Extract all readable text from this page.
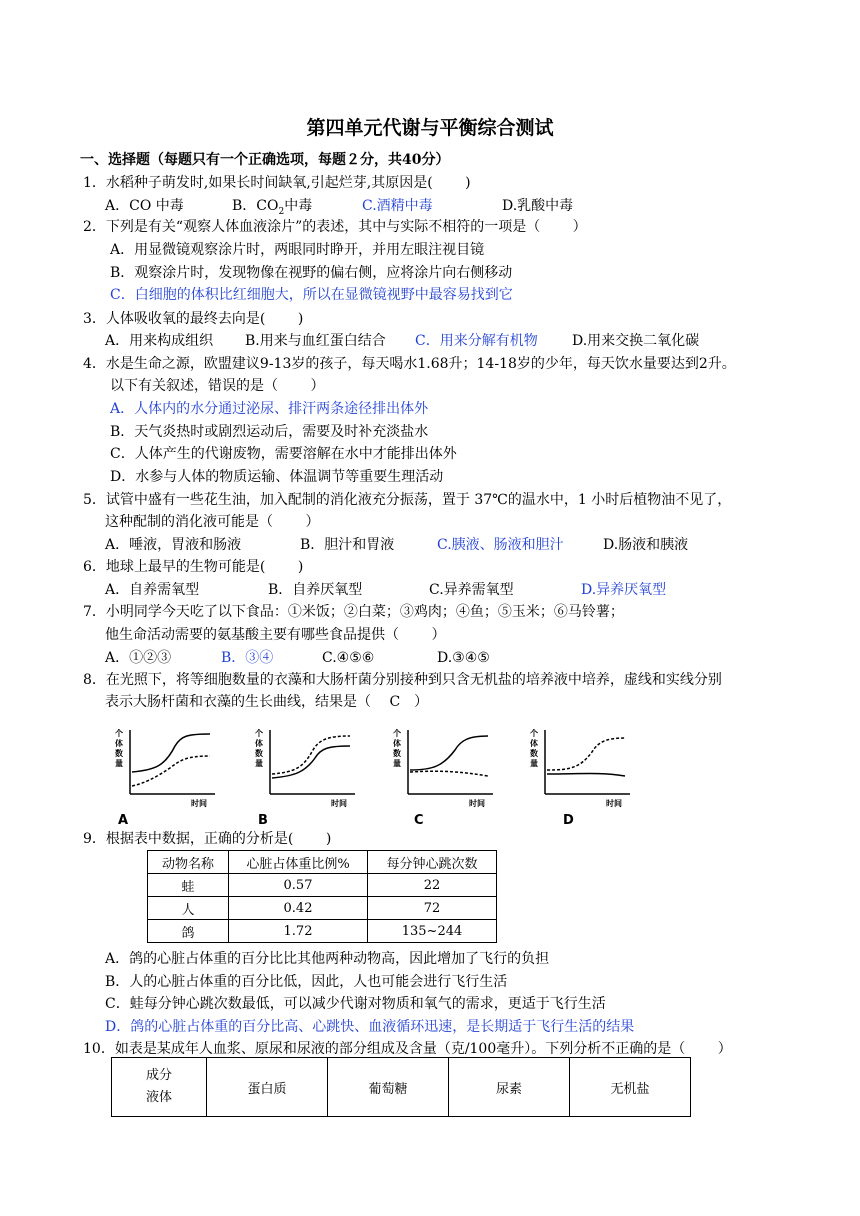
第四单元代谢与平衡综合测试
一、选择题（每题只有一个正确选项，每题２分，共40分）
1．水稻种子萌发时,如果长时间缺氧,引起烂芽,其原因是(　　 )
A．CO 中毒	B．$CO_2$中毒	C.酒精中毒	D.乳酸中毒
2．下列是有关“观察人体血液涂片”的表述，其中与实际不相符的一项是（　　 ）
A．用显微镜观察涂片时，两眼同时睁开，并用左眼注视目镜
B．观察涂片时，发现物像在视野的偏右侧，应将涂片向右侧移动
C．白细胞的体积比红细胞大，所以在显微镜视野中最容易找到它
3．人体吸收氧的最终去向是(　　 )
A．用来构成组织 B.用来与血红蛋白结合 C．用来分解有机物 D.用来交换二氧化碳
4．水是生命之源，欧盟建议9-13岁的孩子，每天喝水1.68升；14-18岁的少年，每天饮水量要达到2升。
以下有关叙述，错误的是（　　 ）
A．人体内的水分通过泌尿、排汗两条途径排出体外
B．天气炎热时或剧烈运动后，需要及时补充淡盐水
C．人体产生的代谢废物，需要溶解在水中才能排出体外
D．水参与人体的物质运输、体温调节等重要生理活动
5．试管中盛有一些花生油，加入配制的消化液充分振荡，置于 37℃的温水中，1 小时后植物油不见了，
这种配制的消化液可能是（　　 ）
A．唾液，胃液和肠液	B．胆汁和胃液	C.胰液、肠液和胆汁	D.肠液和胰液
6．地球上最早的生物可能是(　　 )
A．自养需氧型	B．自养厌氧型	C.异养需氧型	D.异养厌氧型
7．小明同学今天吃了以下食品：①米饭；②白菜；③鸡肉；④鱼；⑤玉米；⑥马铃薯；
他生命活动需要的氨基酸主要有哪些食品提供（　　 ）
A．①②③	B．③④	C.④⑤⑥	D.③④⑤
8．在光照下，将等细胞数量的衣藻和大肠杆菌分别接种到只含无机盐的培养液中培养，虚线和实线分别
表示大肠杆菌和衣藻的生长曲线，结果是（　 C　）
个
体
数
量
时间
A
个
体
数
量
时间
B
个
体
数
量
时间
C
个
体
数
量
时间
D
9．根据表中数据，正确的分析是(　　 )
动物名称	心脏占体重比例%	每分钟心跳次数
蛙	0.57	22
人	0.42	72
鸽	1.72	135~244
A．鸽的心脏占体重的百分比比其他两种动物高，因此增加了飞行的负担
B．人的心脏占体重的百分比低，因此，人也可能会进行飞行生活
C．蛙每分钟心跳次数最低，可以减少代谢对物质和氧气的需求，更适于飞行生活
D．鸽的心脏占体重的百分比高、心跳快、血液循环迅速，是长期适于飞行生活的结果
10．如表是某成年人血浆、原尿和尿液的部分组成及含量（克/100毫升）。下列分析不正确的是（　　 ）
成分
液体
	蛋白质	葡萄糖	尿素	无机盐
